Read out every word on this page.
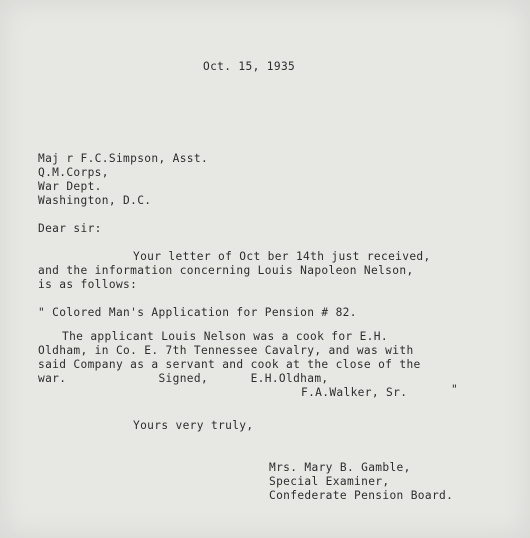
Oct. 15, 1935
Maj r F.C.Simpson, Asst.
Q.M.Corps,
War Dept.
Washington, D.C.
Dear sir:
Your letter of Oct ber 14th just received,
and the information concerning Louis Napoleon Nelson,
is as follows:
" Colored Man's Application for Pension # 82.
The applicant Louis Nelson was a cook for E.H.
Oldham, in Co. E. 7th Tennessee Cavalry, and was with
said Company as a servant and cook at the close of the
war.             Signed,      E.H.Oldham,
F.A.Walker, Sr.	"
Yours very truly,
Mrs. Mary B. Gamble,
Special Examiner,
Confederate Pension Board.
